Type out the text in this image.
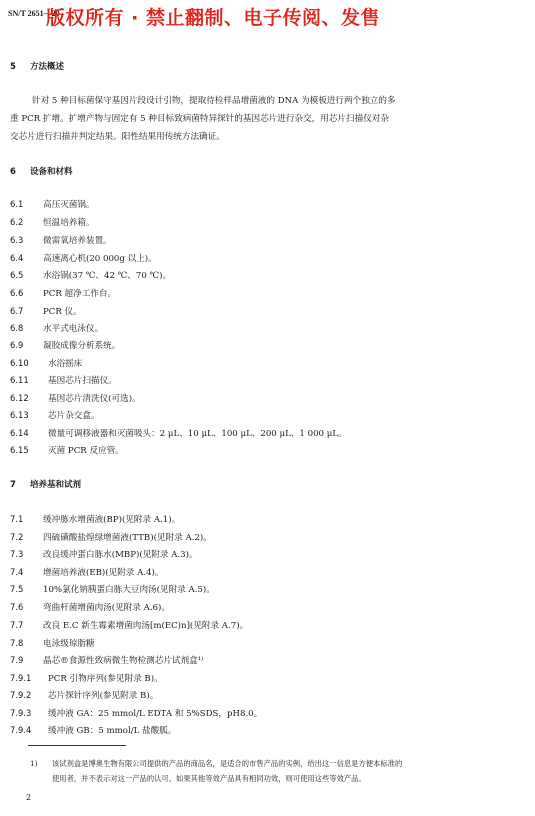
SN/T 2651—20
版权所有 · 禁止翻制、电子传阅、发售
5 方法概述
针对 5 种目标菌保守基因片段设计引物，提取待检样品增菌液的 DNA 为模板进行两个独立的多
重 PCR 扩增。扩增产物与固定有 5 种目标致病菌特异探针的基因芯片进行杂交，用芯片扫描仪对杂
交芯片进行扫描并判定结果。阳性结果用传统方法确证。
6 设备和材料
6.1 高压灭菌锅。
6.2 恒温培养箱。
6.3 微需氧培养装置。
6.4 高速离心机(20 000g 以上)。
6.5 水浴锅(37 ℃、42 ℃、70 ℃)。
6.6 PCR 超净工作台。
6.7 PCR 仪。
6.8 水平式电泳仪。
6.9 凝胶成像分析系统。
6.10 水浴摇床
6.11 基因芯片扫描仪。
6.12 基因芯片清洗仪(可选)。
6.13 芯片杂交盒。
6.14 微量可调移液器和灭菌吸头：2 μL、10 μL、100 μL、200 μL、1 000 μL。
6.15 灭菌 PCR 反应管。
7 培养基和试剂
7.1 缓冲胨水增菌液(BP)(见附录 A.1)。
7.2 四硫磺酸盐煌绿增菌液(TTB)(见附录 A.2)。
7.3 改良缓冲蛋白胨水(MBP)(见附录 A.3)。
7.4 增菌培养液(EB)(见附录 A.4)。
7.5 10%氯化钠胰蛋白胨大豆肉汤(见附录 A.5)。
7.6 弯曲杆菌增菌肉汤(见附录 A.6)。
7.7 改良 E.C 新生霉素增菌肉汤[m(EC)n](见附录 A.7)。
7.8 电泳级琼脂糖
7.9 晶芯®食源性致病微生物检测芯片试剂盒¹⁾
7.9.1 PCR 引物序列(参见附录 B)。
7.9.2 芯片探针序列(参见附录 B)。
7.9.3 缓冲液 GA：25 mmol/L EDTA 和 5%SDS，pH8.0。
7.9.4 缓冲液 GB：5 mmol/L 盐酸胍。
1) 该试剂盒是博奥生物有限公司提供的产品的商品名，是适合的市售产品的实例，给出这一信息是方便本标准的
使用者，并不表示对这一产品的认可。如果其他等效产品具有相同功效，则可使用这些等效产品。
2
